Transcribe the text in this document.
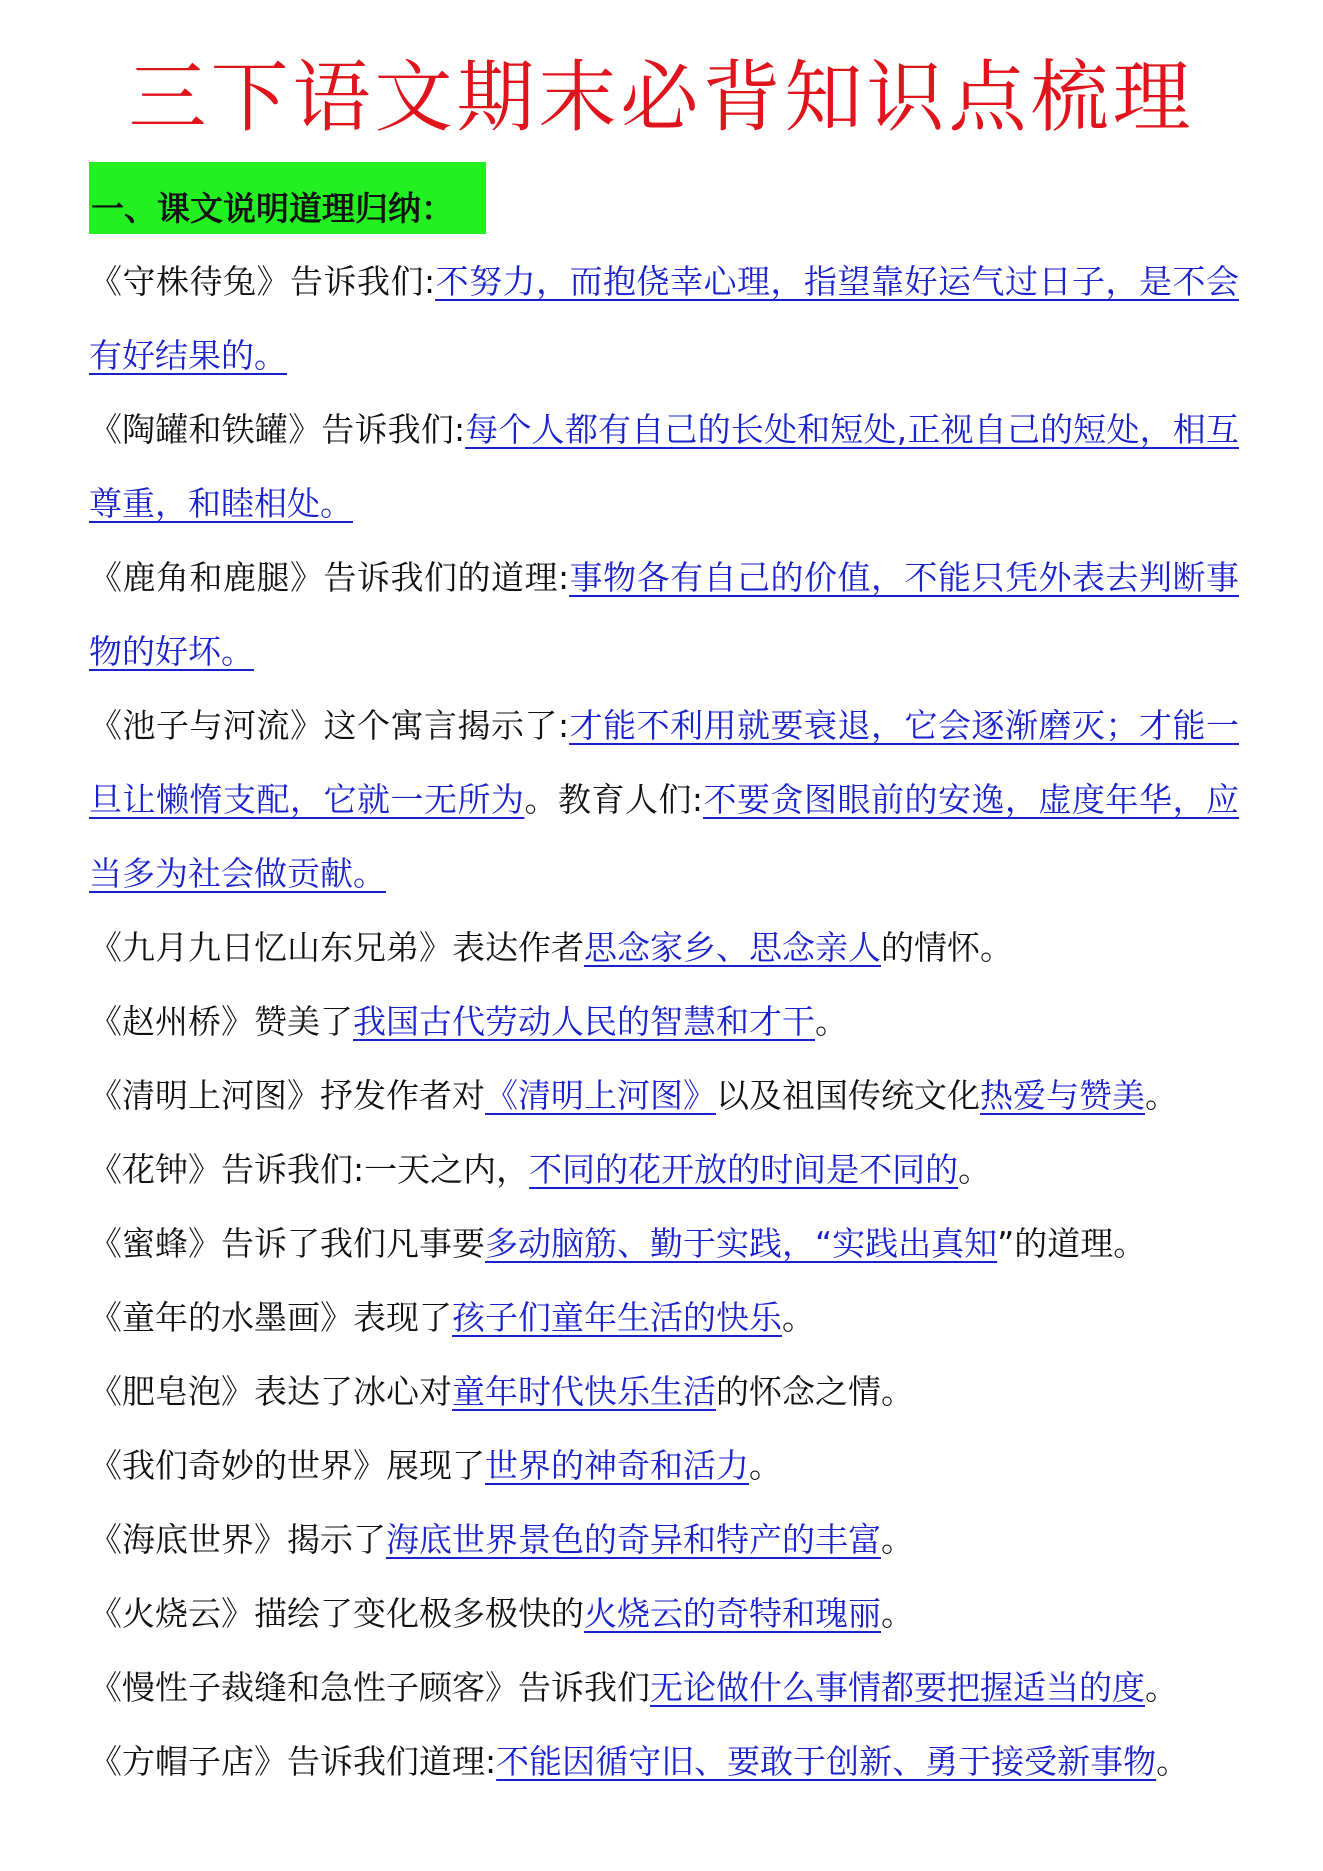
三下语文期末必背知识点梳理
一、课文说明道理归纳：

《守株待兔》告诉我们:不努力，而抱侥幸心理，指望靠好运气过日子，是不会有好结果的。

《陶罐和铁罐》告诉我们:每个人都有自己的长处和短处,正视自己的短处，相互尊重，和睦相处。

《鹿角和鹿腿》告诉我们的道理:事物各有自己的价值，不能只凭外表去判断事物的好坏。

《池子与河流》这个寓言揭示了:才能不利用就要衰退，它会逐渐磨灭；才能一旦让懒惰支配，它就一无所为。教育人们:不要贪图眼前的安逸，虚度年华，应当多为社会做贡献。

《九月九日忆山东兄弟》表达作者思念家乡、思念亲人的情怀。

《赵州桥》赞美了我国古代劳动人民的智慧和才干。

《清明上河图》抒发作者对《清明上河图》以及祖国传统文化热爱与赞美。

《花钟》告诉我们:一天之内，不同的花开放的时间是不同的。

《蜜蜂》告诉了我们凡事要多动脑筋、勤于实践，“实践出真知”的道理。

《童年的水墨画》表现了孩子们童年生活的快乐。

《肥皂泡》表达了冰心对童年时代快乐生活的怀念之情。

《我们奇妙的世界》展现了世界的神奇和活力。

《海底世界》揭示了海底世界景色的奇异和特产的丰富。

《火烧云》描绘了变化极多极快的火烧云的奇特和瑰丽。

《慢性子裁缝和急性子顾客》告诉我们无论做什么事情都要把握适当的度。

《方帽子店》告诉我们道理:不能因循守旧、要敢于创新、勇于接受新事物。
